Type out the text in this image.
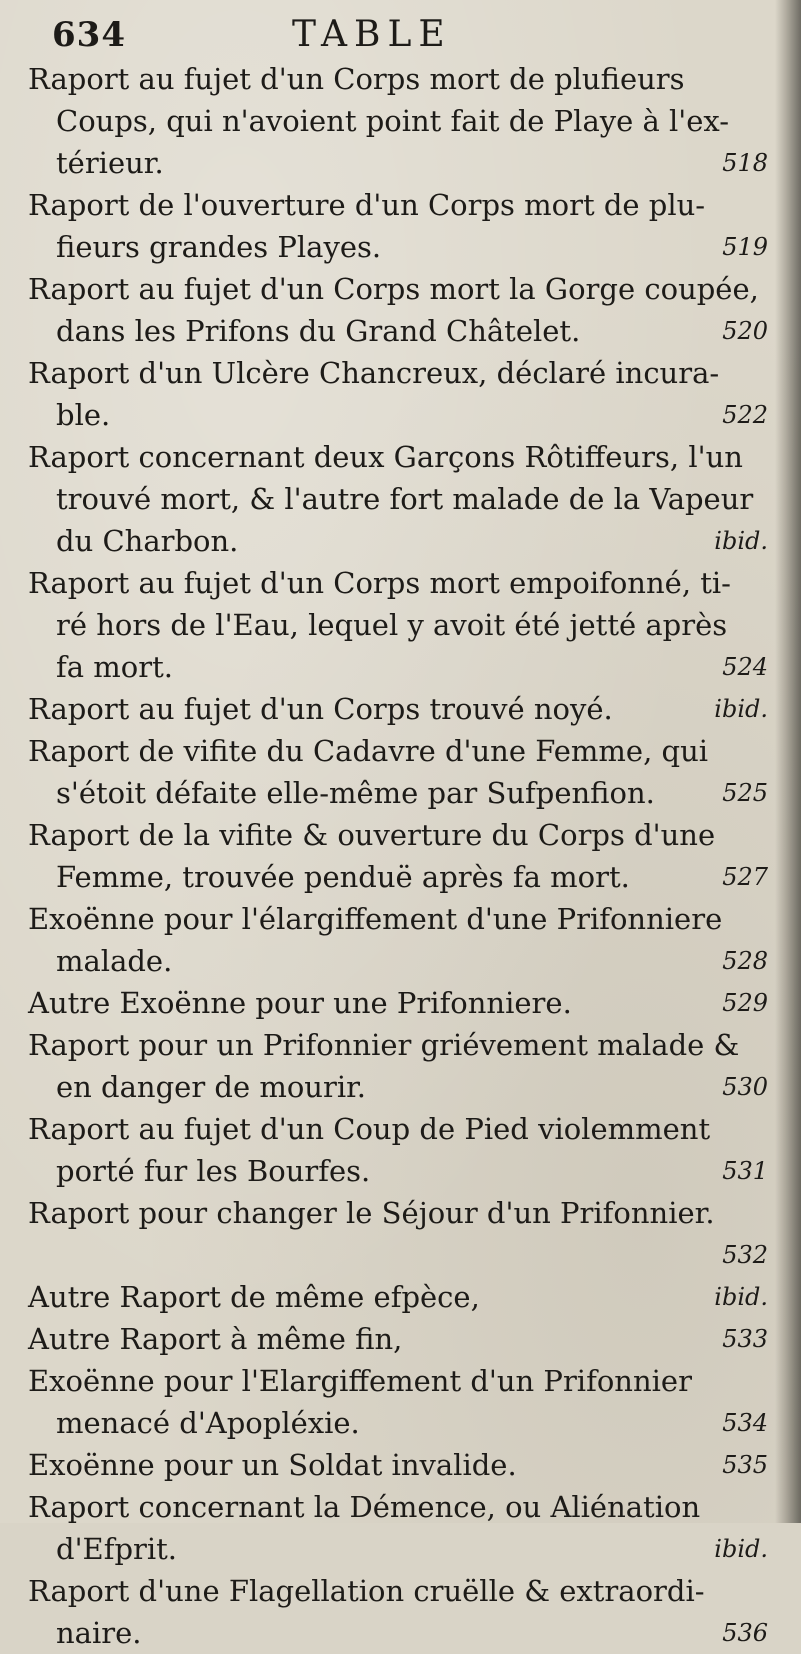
634	TABLE
Raport au fujet d'un Corps mort de plufieurs
Coups, qui n'avoient point fait de Playe à l'ex-
térieur.	518
Raport de l'ouverture d'un Corps mort de plu-
fieurs grandes Playes.	519
Raport au fujet d'un Corps mort la Gorge coupée,
dans les Prifons du Grand Châtelet.	520
Raport d'un Ulcère Chancreux, déclaré incura-
ble.	522
Raport concernant deux Garçons Rôtiffeurs, l'un
trouvé mort, & l'autre fort malade de la Vapeur
du Charbon.	ibid.
Raport au fujet d'un Corps mort empoifonné, ti-
ré hors de l'Eau, lequel y avoit été jetté après
fa mort.	524
Raport au fujet d'un Corps trouvé noyé.	ibid.
Raport de vifite du Cadavre d'une Femme, qui
s'étoit défaite elle-même par Sufpenfion.	525
Raport de la vifite & ouverture du Corps d'une
Femme, trouvée penduë après fa mort.	527
Exoënne pour l'élargiffement d'une Prifonniere
malade.	528
Autre Exoënne pour une Prifonniere.	529
Raport pour un Prifonnier griévement malade &
en danger de mourir.	530
Raport au fujet d'un Coup de Pied violemment
porté fur les Bourfes.	531
Raport pour changer le Séjour d'un Prifonnier.
532
Autre Raport de même efpèce,	ibid.
Autre Raport à même fin,	533
Exoënne pour l'Elargiffement d'un Prifonnier
menacé d'Apopléxie.	534
Exoënne pour un Soldat invalide.	535
Raport concernant la Démence, ou Aliénation
d'Efprit.	ibid.
Raport d'une Flagellation cruëlle & extraordi-
naire.	536
